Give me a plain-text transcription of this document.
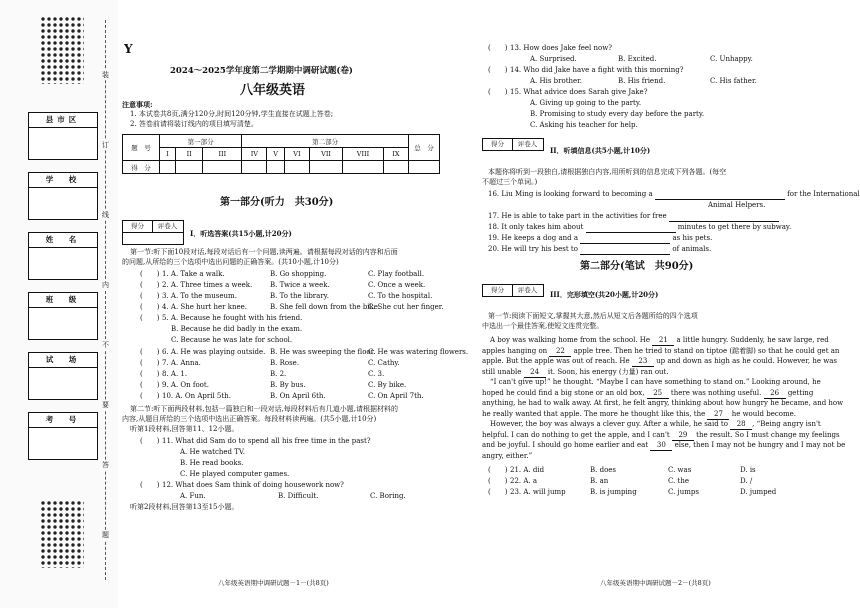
县市区
学　校
姓　名
班　级
试　场
考　号
装
订
线
内
不
要
答
题
Y
2024～2025学年度第二学期期中调研试题(卷)
八年级英语
注意事项:
1. 本试卷共8页,满分120分,时间120分钟,学生直接在试题上答卷;
2. 答卷前请将装订线内的项目填写清楚。
题　号	第一部分			第二部分						总　分
	I	II	III	IV	V	VI	VII	VIII	IX	
得　分										
第一部分(听力　共30分)
得分 评卷人
I．听选答案(共15小题,计20分)
第一节:听下面10段对话,每段对话后有一个问题,读两遍。请根据每段对话的内容和后面
的问题,从所给的三个选项中选出问题的正确答案。(共10小题,计10分)
八年级英语期中调研试题－1－(共8页)	八年级英语期中调研试题－2－(共8页)
(　　) 1. A. Take a walk.	B. Go shopping.	C. Play football.
(　　) 2. A. Three times a week.	B. Twice a week.	C. Once a week.
(　　) 3. A. To the museum.	B. To the library.	C. To the hospital.
(　　) 4. A. She hurt her knee.	B. She fell down from the bike.
C. She cut her finger.
(　　) 5. A. Because he fought with his friend.
B. Because he did badly in the exam.
C. Because he was late for school.
(　　) 6. A. He was playing outside. B. He was sweeping the floor.
C. He was watering flowers.
(　　) 7. A. Anna.	B. Rose.	C. Cathy.
(　　) 8. A. 1.	B. 2.	C. 3.
(　　) 9. A. On foot.	B. By bus.	C. By bike.
(　　) 10. A. On April 5th.	B. On April 6th.	C. On April 7th.
第二节:听下面两段材料,包括一篇独白和一段对话,每段材料后有几道小题,请根据材料的
内容,从题目所给的三个选项中选出正确答案。每段材料读两遍。(共5小题,计10分)
听第1段材料,回答第11、12小题。
(　　) 11. What did Sam do to spend all his free time in the past?
A. He watched TV.
B. He read books.
C. He played computer games.
(　　) 12. What does Sam think of doing housework now?
A. Fun.	B. Difficult.	C. Boring.
听第2段材料,回答第13至15小题。
(　　) 13. How does Jake feel now?
A. Surprised.	B. Excited.	C. Unhappy.
(　　) 14. Who did Jake have a fight with this morning?
A. His brother.	B. His friend.	C. His father.
(　　) 15. What advice does Sarah give Jake?
A. Giving up going to the party.
B. Promising to study every day before the party.
C. Asking his teacher for help.
得分 评卷人
II．听填信息(共5小题,计10分)
本题你将听到一段独白,请根据独白内容,用所听到的信息完成下列各题。(每空
不超过三个单词。)
16. Liu Ming is looking forward to becoming a	for the International
Animal Helpers.
17. He is able to take part in the activities for free
18. It only takes him about	minutes to get there by subway.
19. He keeps a dog and a	as his pets.
20. He will try his best to	of animals.
第二部分(笔试　共90分)
得分 评卷人	III．完形填空(共20小题,计20分)
第一节:阅读下面短文,掌握其大意,然后从短文后各题所给的四个选项
中选出一个最佳答案,使短文连贯完整。
A boy was walking home from the school. He 21 a little hungry. Suddenly, he saw large, red
apples hanging on 22 apple tree. Then he tried to stand on tiptoe (踮着脚) so that he could get an
apple. But the apple was out of reach. He 23 up and down as high as he could. However, he was
still unable 24 it. Soon, his energy (力量) ran out.
“I can't give up!” he thought. “Maybe I can have something to stand on.” Looking around, he
hoped he could find a big stone or an old box, 25 there was nothing useful. 26 getting
anything, he had to walk away. At first, he felt angry, thinking about how hungry he became, and how
he really wanted that apple. The more he thought like this, the 27 he would become.
However, the boy was always a clever guy. After a while, he said to 28 , “Being angry isn't
helpful. I can do nothing to get the apple, and I can't 29 the result. So I must change my feelings
and be joyful. I should go home earlier and eat 30 else, then I may not be hungry and I may not be
angry, either.”
(　　) 21. A. did	B. does	C. was	D. is
(　　) 22. A. a	B. an	C. the	D. /
(　　) 23. A. will jump	B. is jumping	C. jumps	D. jumped
